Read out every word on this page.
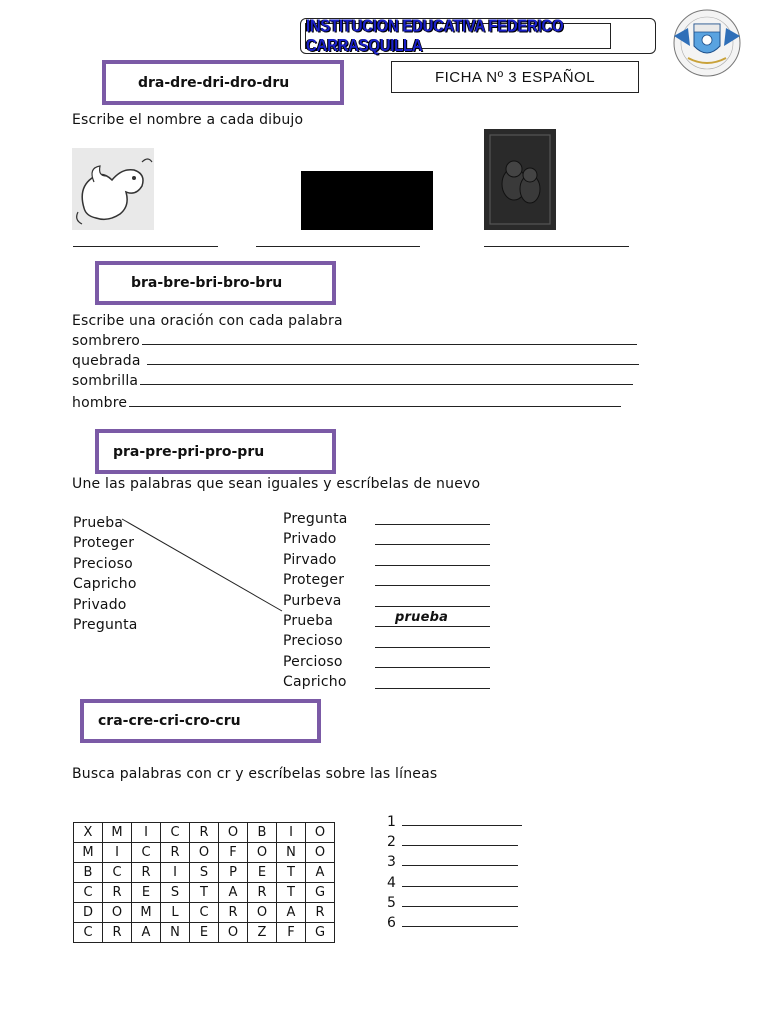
INSTITUCION EDUCATIVA FEDERICO CARRASQUILLA
FICHA Nº 3 ESPAÑOL
dra-dre-dri-dro-dru
Escribe el nombre a cada dibujo
bra-bre-bri-bro-bru
Escribe una oración con cada palabra
sombrero
quebrada
sombrilla
hombre
pra-pre-pri-pro-pru
Une las palabras que sean iguales y escríbelas de nuevo
Prueba
Proteger
Precioso
Capricho
Privado
Pregunta
Pregunta
Privado
Pirvado
Proteger
Purbeva
Prueba
Precioso
Percioso
Capricho
prueba
cra-cre-cri-cro-cru
Busca palabras con cr y escríbelas sobre las líneas
X	M	I	C	R	O	B	I	O
M	I	C	R	O	F	O	N	O
B	C	R	I	S	P	E	T	A
C	R	E	S	T	A	R	T	G
D	O	M	L	C	R	O	A	R
C	R	A	N	E	O	Z	F	G
1
2
3
4
5
6
